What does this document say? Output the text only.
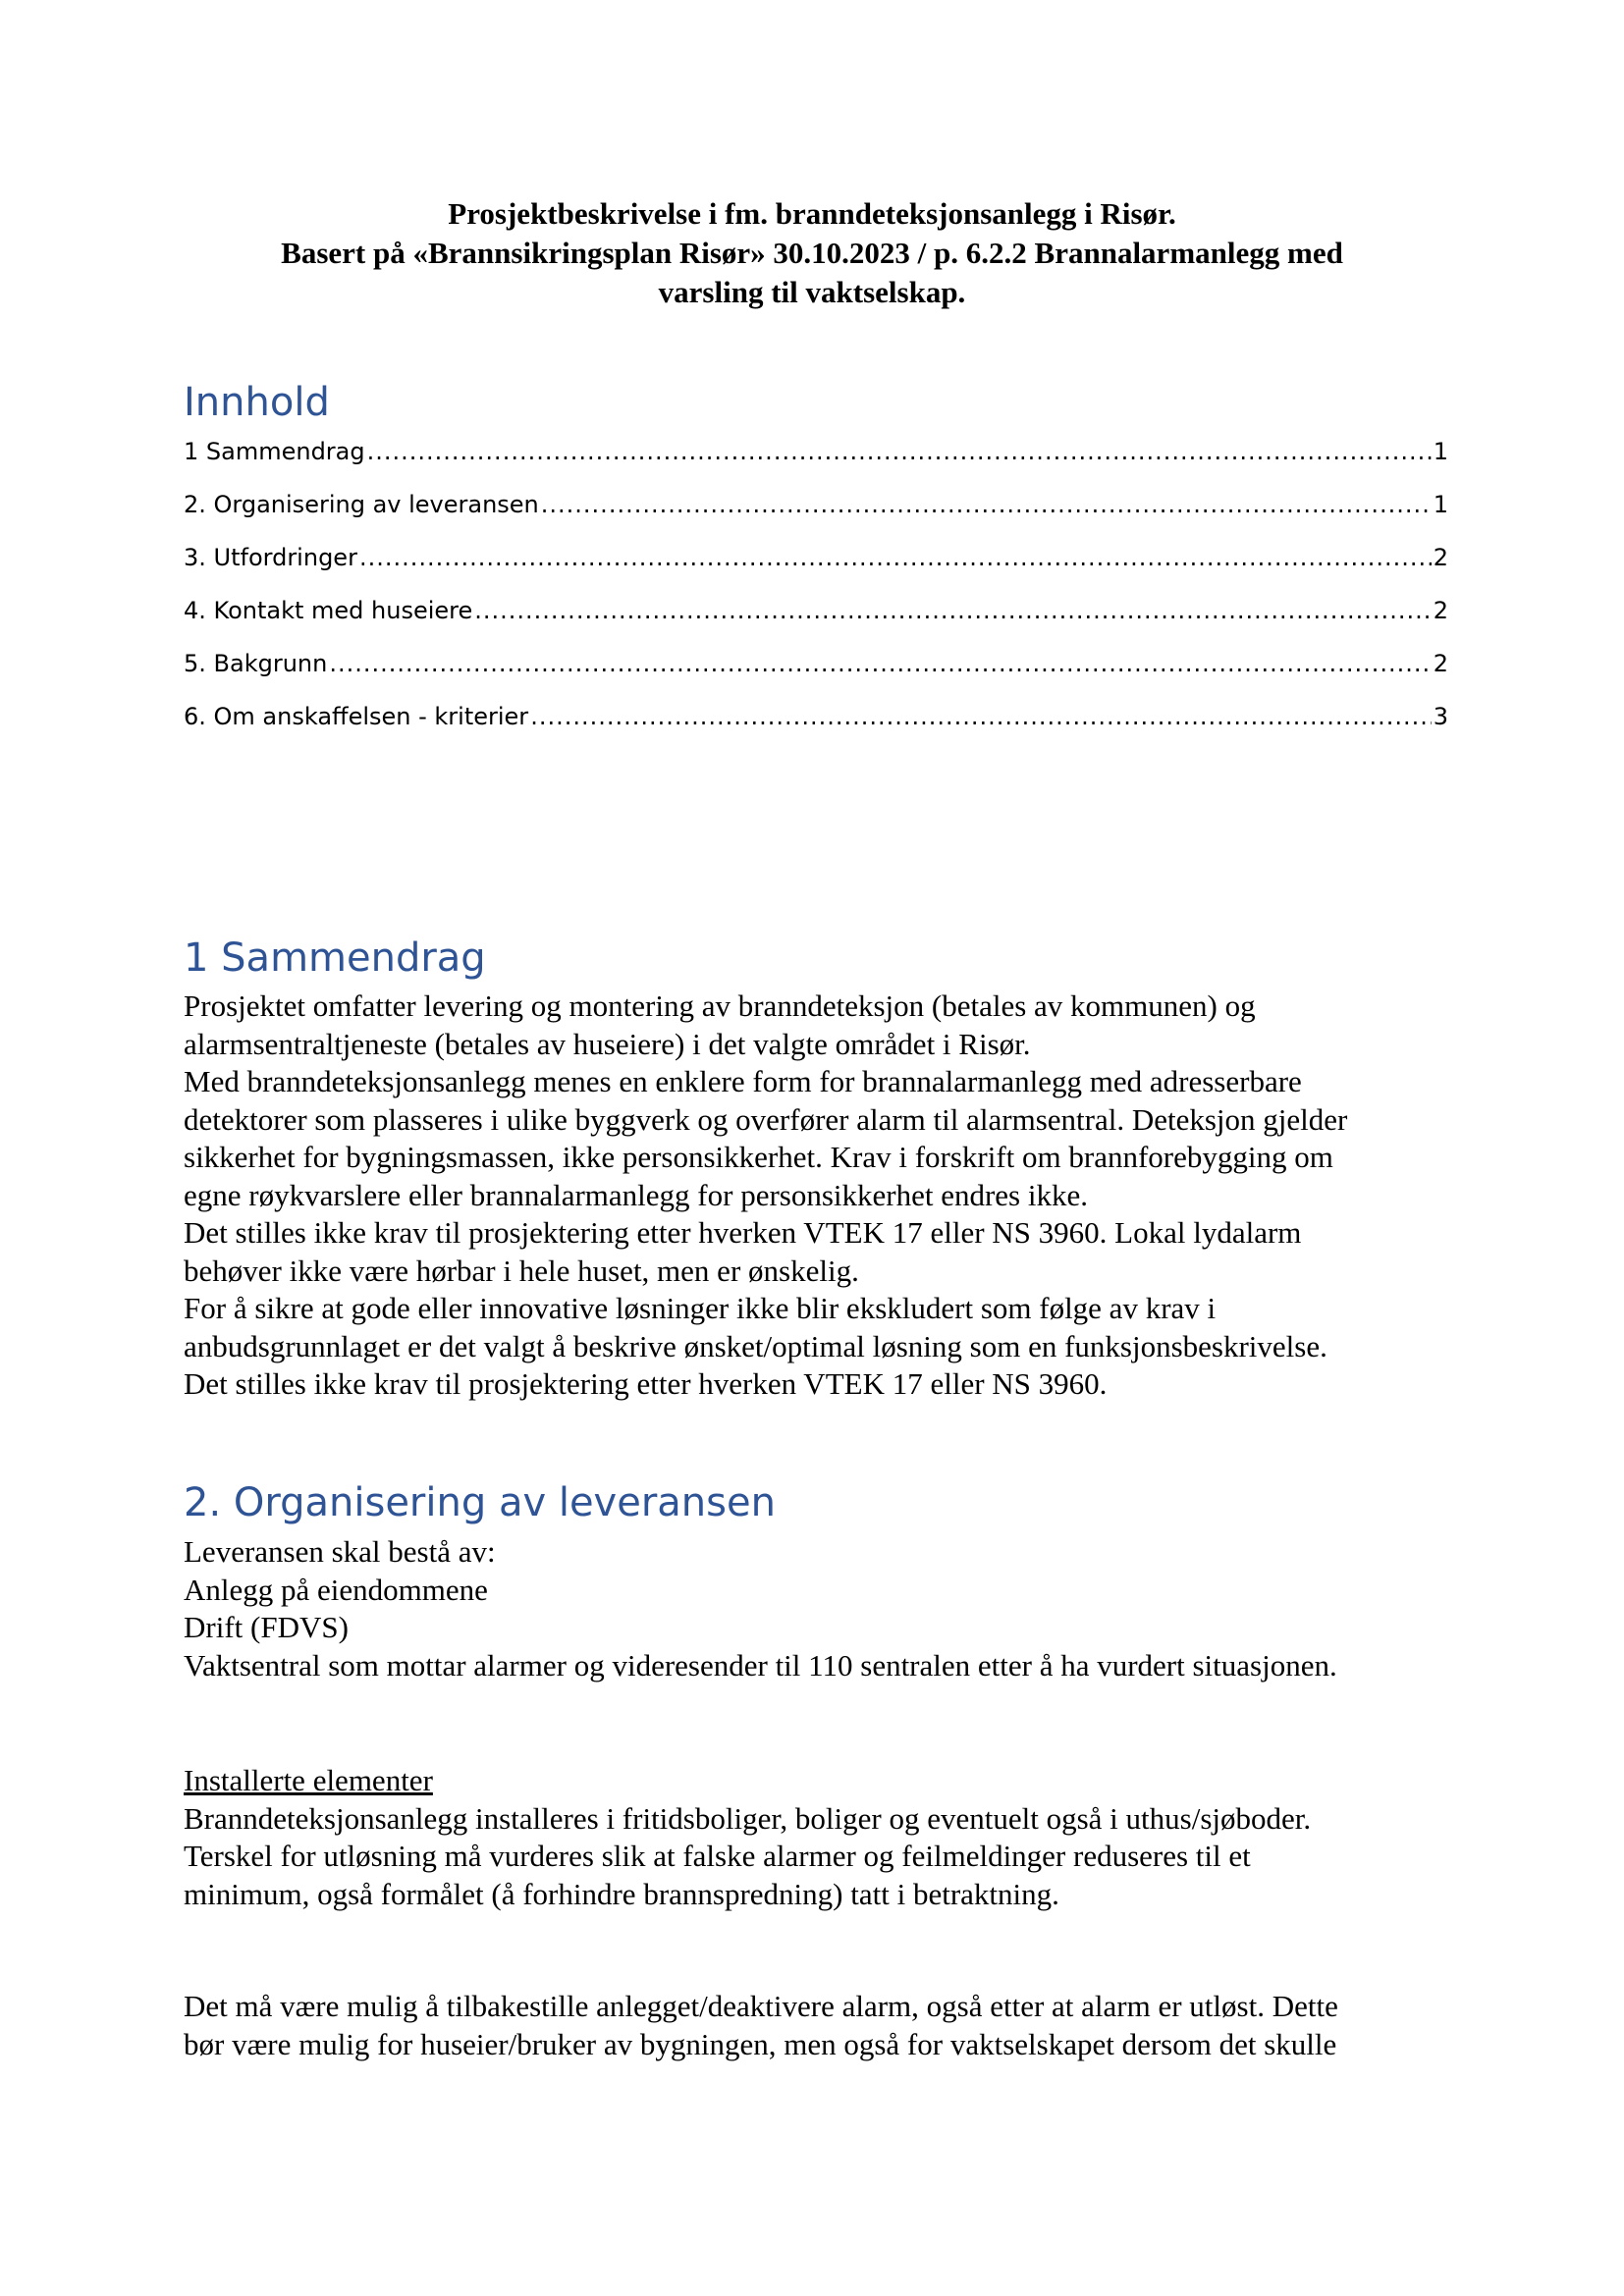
Prosjektbeskrivelse i fm. branndeteksjonsanlegg i Risør.
Basert på «Brannsikringsplan Risør» 30.10.2023 / p. 6.2.2 Brannalarmanlegg med
varsling til vaktselskap.
Innhold
1 Sammendrag .....	1
2. Organisering av leveransen .....	1
3. Utfordringer .....	2
4. Kontakt med huseiere .....	2
5. Bakgrunn .....	2
6. Om anskaffelsen - kriterier .....	3
1 Sammendrag

Prosjektet omfatter levering og montering av branndeteksjon (betales av kommunen) og

alarmsentraltjeneste (betales av huseiere) i det valgte området i Risør.

Med branndeteksjonsanlegg menes en enklere form for brannalarmanlegg med adresserbare

detektorer som plasseres i ulike byggverk og overfører alarm til alarmsentral. Deteksjon gjelder

sikkerhet for bygningsmassen, ikke personsikkerhet. Krav i forskrift om brannforebygging om

egne røykvarslere eller brannalarmanlegg for personsikkerhet endres ikke.

Det stilles ikke krav til prosjektering etter hverken VTEK 17 eller NS 3960. Lokal lydalarm

behøver ikke være hørbar i hele huset, men er ønskelig.

For å sikre at gode eller innovative løsninger ikke blir ekskludert som følge av krav i

anbudsgrunnlaget er det valgt å beskrive ønsket/optimal løsning som en funksjonsbeskrivelse.

Det stilles ikke krav til prosjektering etter hverken VTEK 17 eller NS 3960.

2. Organisering av leveransen

Leveransen skal bestå av:

Anlegg på eiendommene

Drift (FDVS)

Vaktsentral som mottar alarmer og videresender til 110 sentralen etter å ha vurdert situasjonen.

Installerte elementer

Branndeteksjonsanlegg installeres i fritidsboliger, boliger og eventuelt også i uthus/sjøboder.

Terskel for utløsning må vurderes slik at falske alarmer og feilmeldinger reduseres til et

minimum, også formålet (å forhindre brannspredning) tatt i betraktning.

Det må være mulig å tilbakestille anlegget/deaktivere alarm, også etter at alarm er utløst. Dette

bør være mulig for huseier/bruker av bygningen, men også for vaktselskapet dersom det skulle
